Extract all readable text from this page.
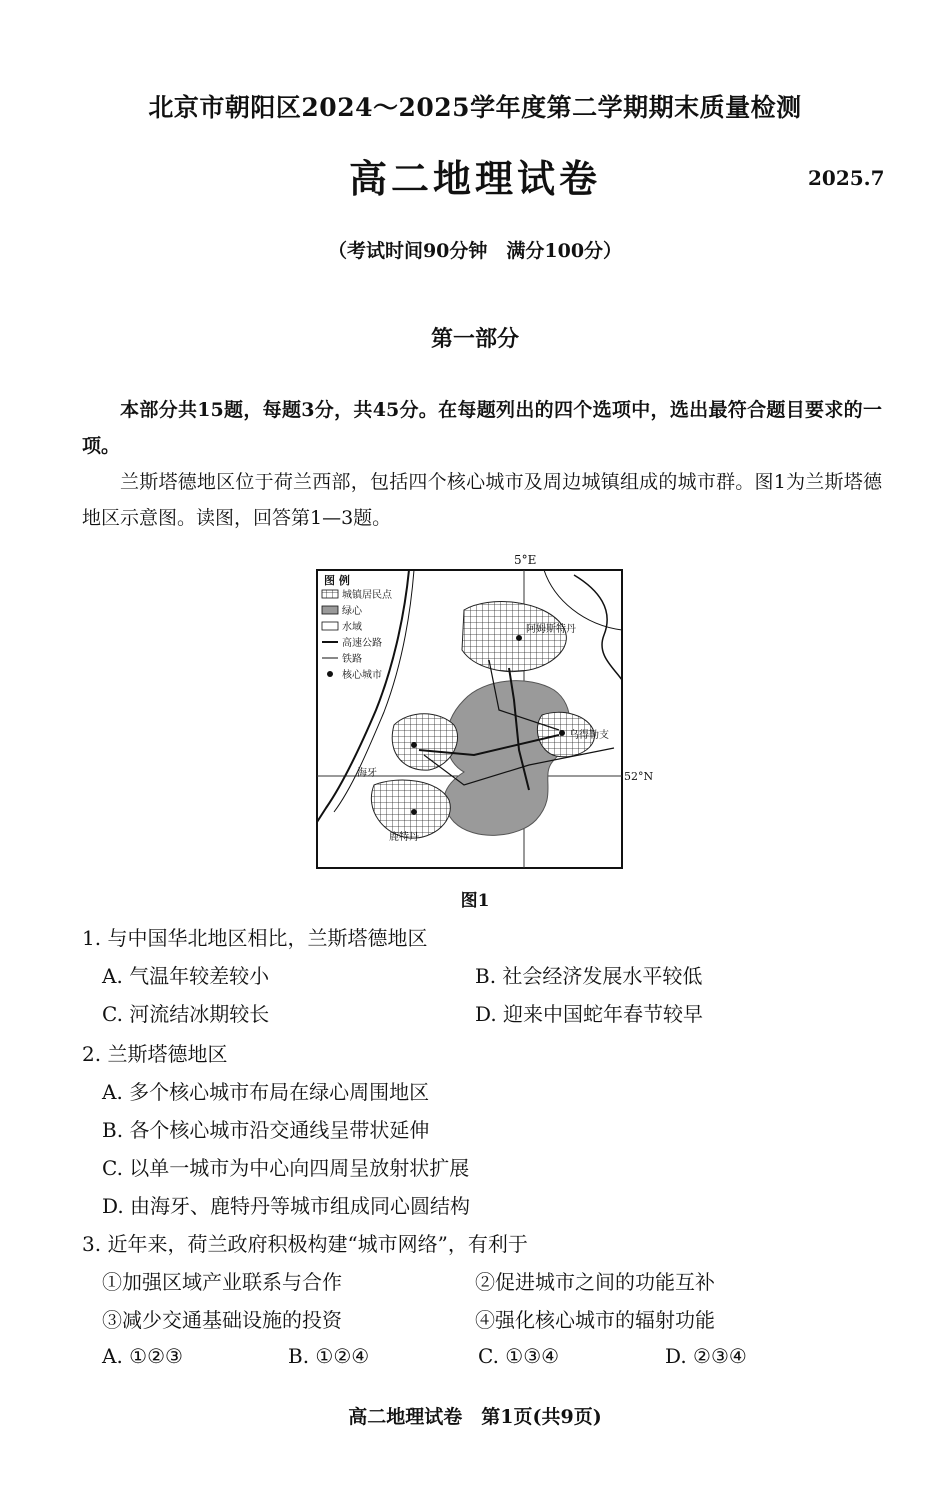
北京市朝阳区2024～2025学年度第二学期期末质量检测
高二地理试卷	2025.7
（考试时间90分钟　满分100分）
第一部分
本部分共15题，每题3分，共45分。在每题列出的四个选项中，选出最符合题目要求的一项。
兰斯塔德地区位于荷兰西部，包括四个核心城市及周边城镇组成的城市群。图1为兰斯塔德地区示意图。读图，回答第1—3题。
5°E
阿姆斯特丹
乌得勒支
海牙
鹿特丹
图 例
城镇居民点
绿心
水域
高速公路
铁路
核心城市
52°N
图1
1. 与中国华北地区相比，兰斯塔德地区
A. 气温年较差较小	B. 社会经济发展水平较低
C. 河流结冰期较长	D. 迎来中国蛇年春节较早
2. 兰斯塔德地区
A. 多个核心城市布局在绿心周围地区
B. 各个核心城市沿交通线呈带状延伸
C. 以单一城市为中心向四周呈放射状扩展
D. 由海牙、鹿特丹等城市组成同心圆结构
3. 近年来，荷兰政府积极构建“城市网络”，有利于
①加强区域产业联系与合作	②促进城市之间的功能互补
③减少交通基础设施的投资	④强化核心城市的辐射功能
A. ①②③	B. ①②④	C. ①③④	D. ②③④
高二地理试卷　第1页(共9页)
